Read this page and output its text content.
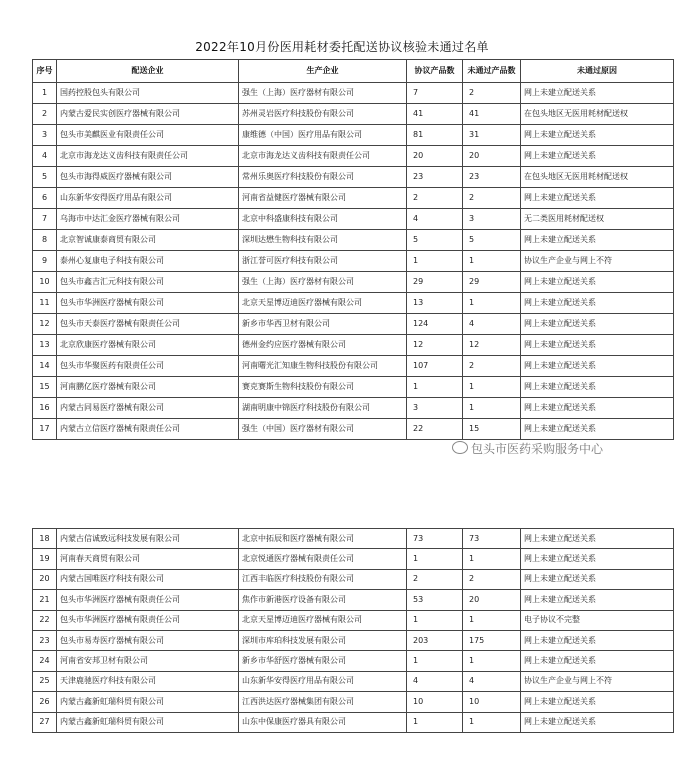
2022年10月份医用耗材委托配送协议核验未通过名单
序号	配送企业	生产企业	协议产品数	未通过产品数	未通过原因
1	国药控股包头有限公司	强生（上海）医疗器材有限公司	7	2	网上未建立配送关系
2	内蒙古爱民实创医疗器械有限公司	苏州灵岩医疗科技股份有限公司	41	41	在包头地区无医用耗材配送权
3	包头市美麒医业有限责任公司	康维德（中国）医疗用品有限公司	81	31	网上未建立配送关系
4	北京市海龙达义齿科技有限责任公司	北京市海龙达义齿科技有限责任公司	20	20	网上未建立配送关系
5	包头市海得威医疗器械有限公司	常州乐奥医疗科技股份有限公司	23	23	在包头地区无医用耗材配送权
6	山东新华安得医疗用品有限公司	河南省益健医疗器械有限公司	2	2	网上未建立配送关系
7	乌海市中达汇金医疗器械有限公司	北京中科盛康科技有限公司	4	3	无二类医用耗材配送权
8	北京智诚康泰商贸有限公司	深圳达懋生物科技有限公司	5	5	网上未建立配送关系
9	泰州心复康电子科技有限公司	浙江誉可医疗科技有限公司	1	1	协议生产企业与网上不符
10	包头市鑫吉汇元科技有限公司	强生（上海）医疗器材有限公司	29	29	网上未建立配送关系
11	包头市华洲医疗器械有限公司	北京天星博迈迪医疗器械有限公司	13	1	网上未建立配送关系
12	包头市天泰医疗器械有限责任公司	新乡市华西卫材有限公司	124	4	网上未建立配送关系
13	北京欣康医疗器械有限公司	德州金约应医疗器械有限公司	12	12	网上未建立配送关系
14	包头市华聚医药有限责任公司	河南曙光汇知康生物科技股份有限公司	107	2	网上未建立配送关系
15	河南鹏亿医疗器械有限公司	赛克赛斯生物科技股份有限公司	1	1	网上未建立配送关系
16	内蒙古同易医疗器械有限公司	湖南明康中锦医疗科技股份有限公司	3	1	网上未建立配送关系
17	内蒙古立信医疗器械有限责任公司	强生（中国）医疗器材有限公司	22	15	网上未建立配送关系
包头市医药采购服务中心
18	内蒙古信诚致远科技发展有限公司	北京中拓辰和医疗器械有限公司	73	73	网上未建立配送关系
19	河南春天商贸有限公司	北京悦通医疗器械有限责任公司	1	1	网上未建立配送关系
20	内蒙古国唯医疗科技有限公司	江西丰临医疗科技股份有限公司	2	2	网上未建立配送关系
21	包头市华洲医疗器械有限责任公司	焦作市新港医疗设备有限公司	53	20	网上未建立配送关系
22	包头市华洲医疗器械有限责任公司	北京天星博迈迪医疗器械有限公司	1	1	电子协议不完整
23	包头市易寿医疗器械有限公司	深圳市库珀科技发展有限公司	203	175	网上未建立配送关系
24	河南省安邦卫材有限公司	新乡市华舒医疗器械有限公司	1	1	网上未建立配送关系
25	天津鹿驰医疗科技有限公司	山东新华安得医疗用品有限公司	4	4	协议生产企业与网上不符
26	内蒙古鑫新虹瑞科贸有限公司	江西洪达医疗器械集团有限公司	10	10	网上未建立配送关系
27	内蒙古鑫新虹瑞科贸有限公司	山东中保康医疗器具有限公司	1	1	网上未建立配送关系
